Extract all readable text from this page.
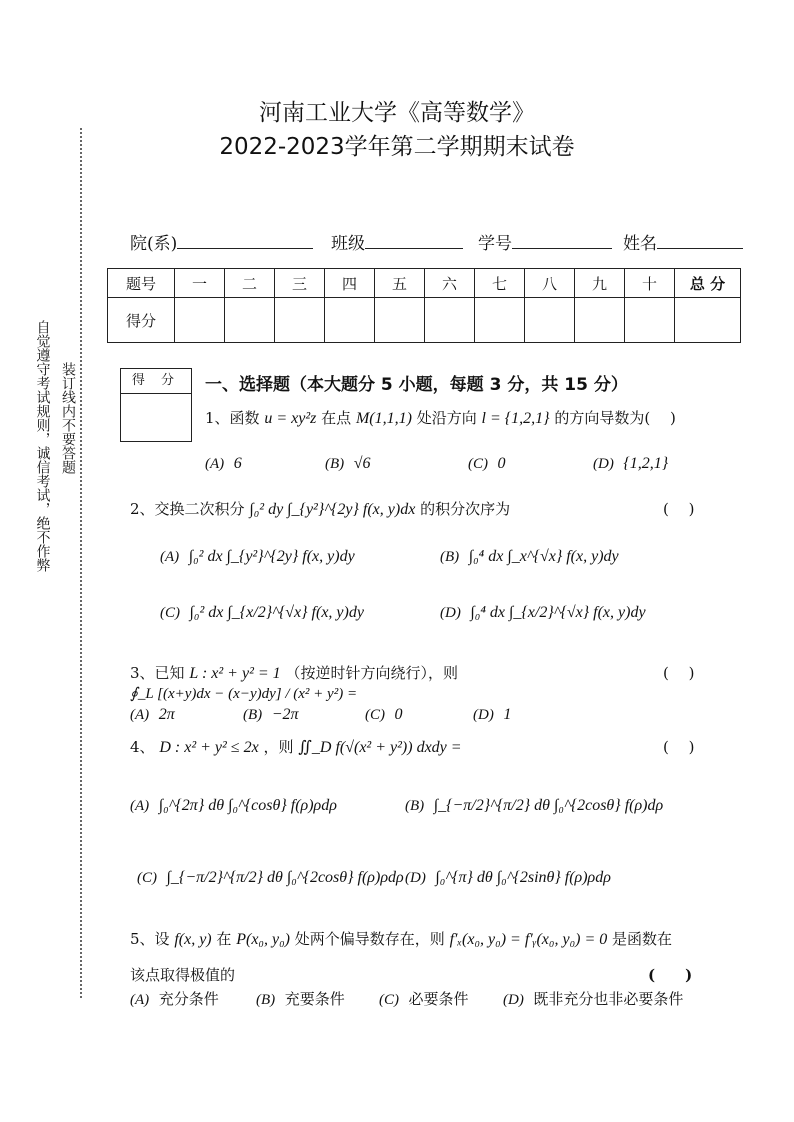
自觉遵守考试规则，诚信考试，绝不作弊 装订线内不要答题
河南工业大学《高等数学》
2022-2023学年第二学期期末试卷
院(系)	班级	学号	姓名
题号	一	二	三	四	五	六	七	八	九	十	总 分
得分											
得 分	一、选择题（本大题分 5 小题，每题 3 分，共 15 分）
1、函数 u = xy²z 在点 M(1,1,1) 处沿方向 l = {1,2,1} 的方向导数为(　 )
(A) 6	(B) √6	(C) 0	(D) {1,2,1}
2、交换二次积分 ∫₀² dy ∫_{y²}^{2y} f(x, y)dx 的积分次序为	(　 )
(A) ∫₀² dx ∫_{y²}^{2y} f(x, y)dy	(B) ∫₀⁴ dx ∫_x^{√x} f(x, y)dy
(C) ∫₀² dx ∫_{x/2}^{√x} f(x, y)dy	(D) ∫₀⁴ dx ∫_{x/2}^{√x} f(x, y)dy
3、已知 L : x² + y² = 1 （按逆时针方向绕行），则
∮_L [(x+y)dx − (x−y)dy] / (x² + y²) =
(　 )
(A) 2π	(B) −2π	(C) 0	(D) 1
4、 D : x² + y² ≤ 2x ，则 ∬_D f(√(x² + y²)) dxdy =	(　 )
(A) ∫₀^{2π} dθ ∫₀^{cosθ} f(ρ)ρdρ	(B) ∫_{−π/2}^{π/2} dθ ∫₀^{2cosθ} f(ρ)dρ
(C) ∫_{−π/2}^{π/2} dθ ∫₀^{2cosθ} f(ρ)ρdρ (D) ∫₀^{π} dθ ∫₀^{2sinθ} f(ρ)ρdρ
5、设 f(x, y) 在 P(x₀, y₀) 处两个偏导数存在，则 f′ₓ(x₀, y₀) = f′ᵧ(x₀, y₀) = 0 是函数在
该点取得极值的	(　　)
(A) 充分条件 (B) 充要条件 (C) 必要条件 (D) 既非充分也非必要条件
